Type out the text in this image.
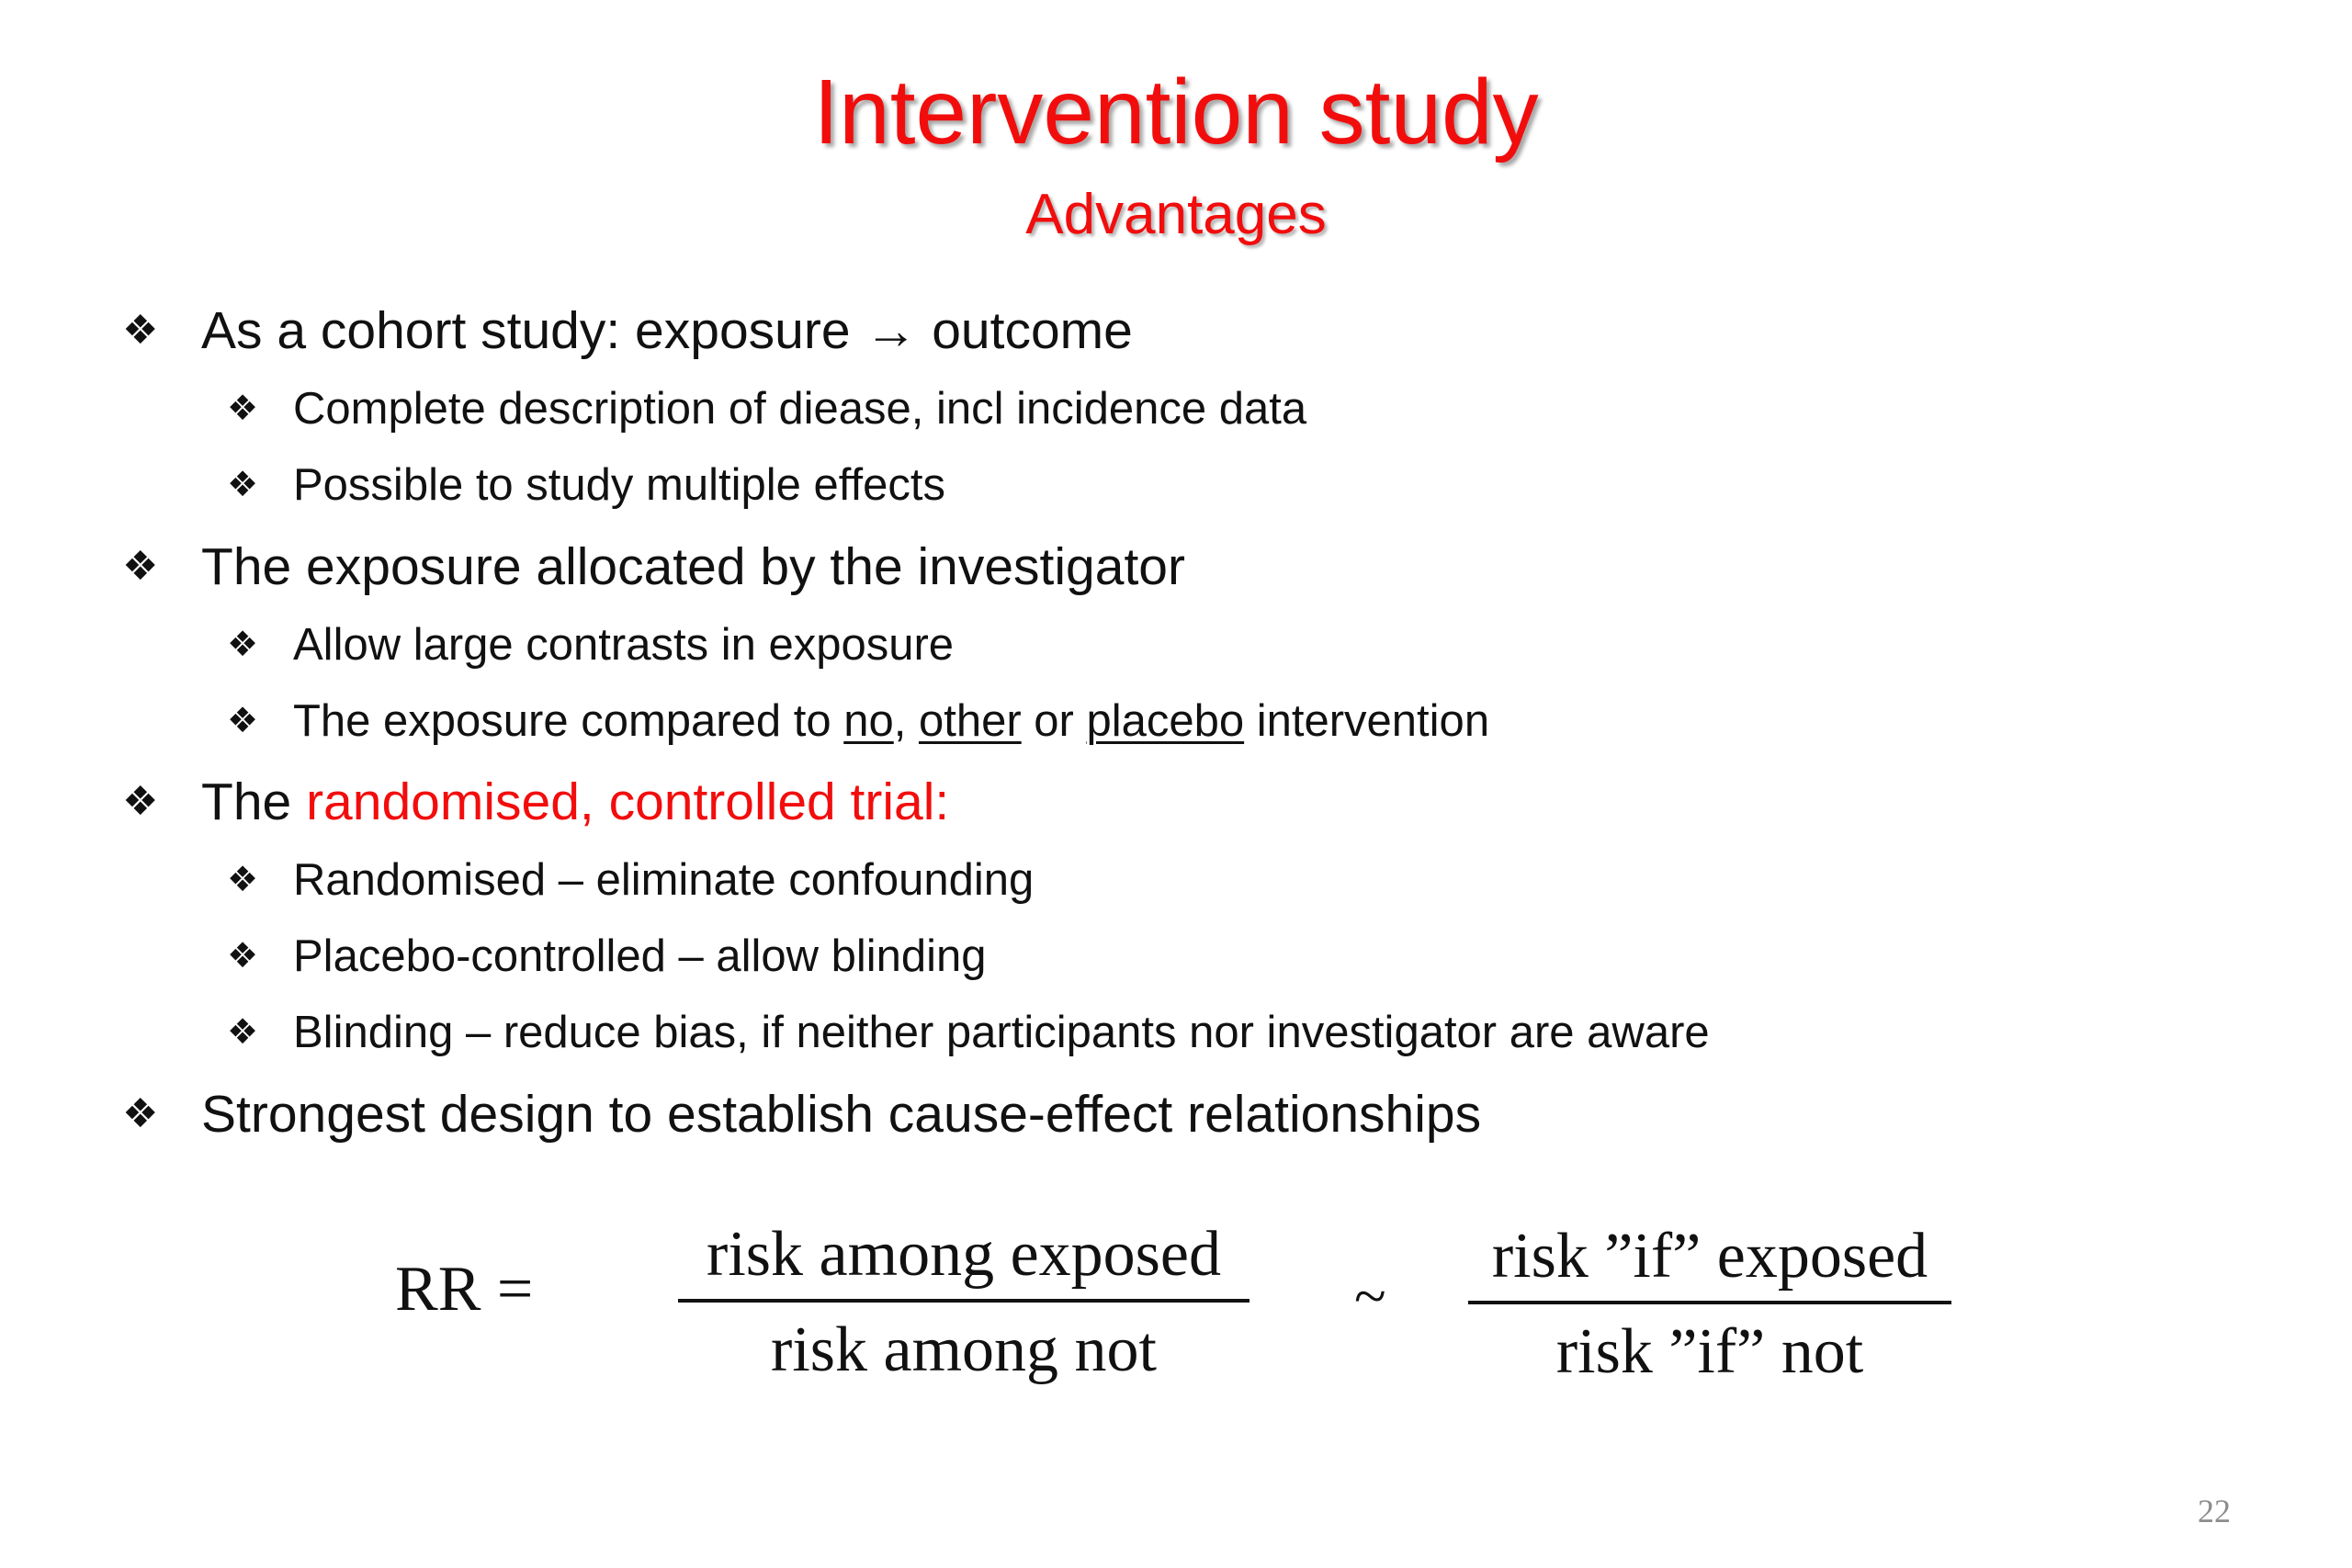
Intervention study
Advantages
❖ As a cohort study: exposure → outcome
❖ Complete description of diease, incl incidence data
❖ Possible to study multiple effects
❖ The exposure allocated by the investigator
❖ Allow large contrasts in exposure
❖ The exposure compared to no, other or placebo intervention
❖ The randomised, controlled trial:
❖ Randomised – eliminate confounding
❖ Placebo-controlled – allow blinding
❖ Blinding – reduce bias, if neither participants nor investigator are aware
❖ Strongest design to establish cause-effect relationships
RR =	risk among exposed
risk among not
~
risk ”if” exposed
risk ”if” not
22
